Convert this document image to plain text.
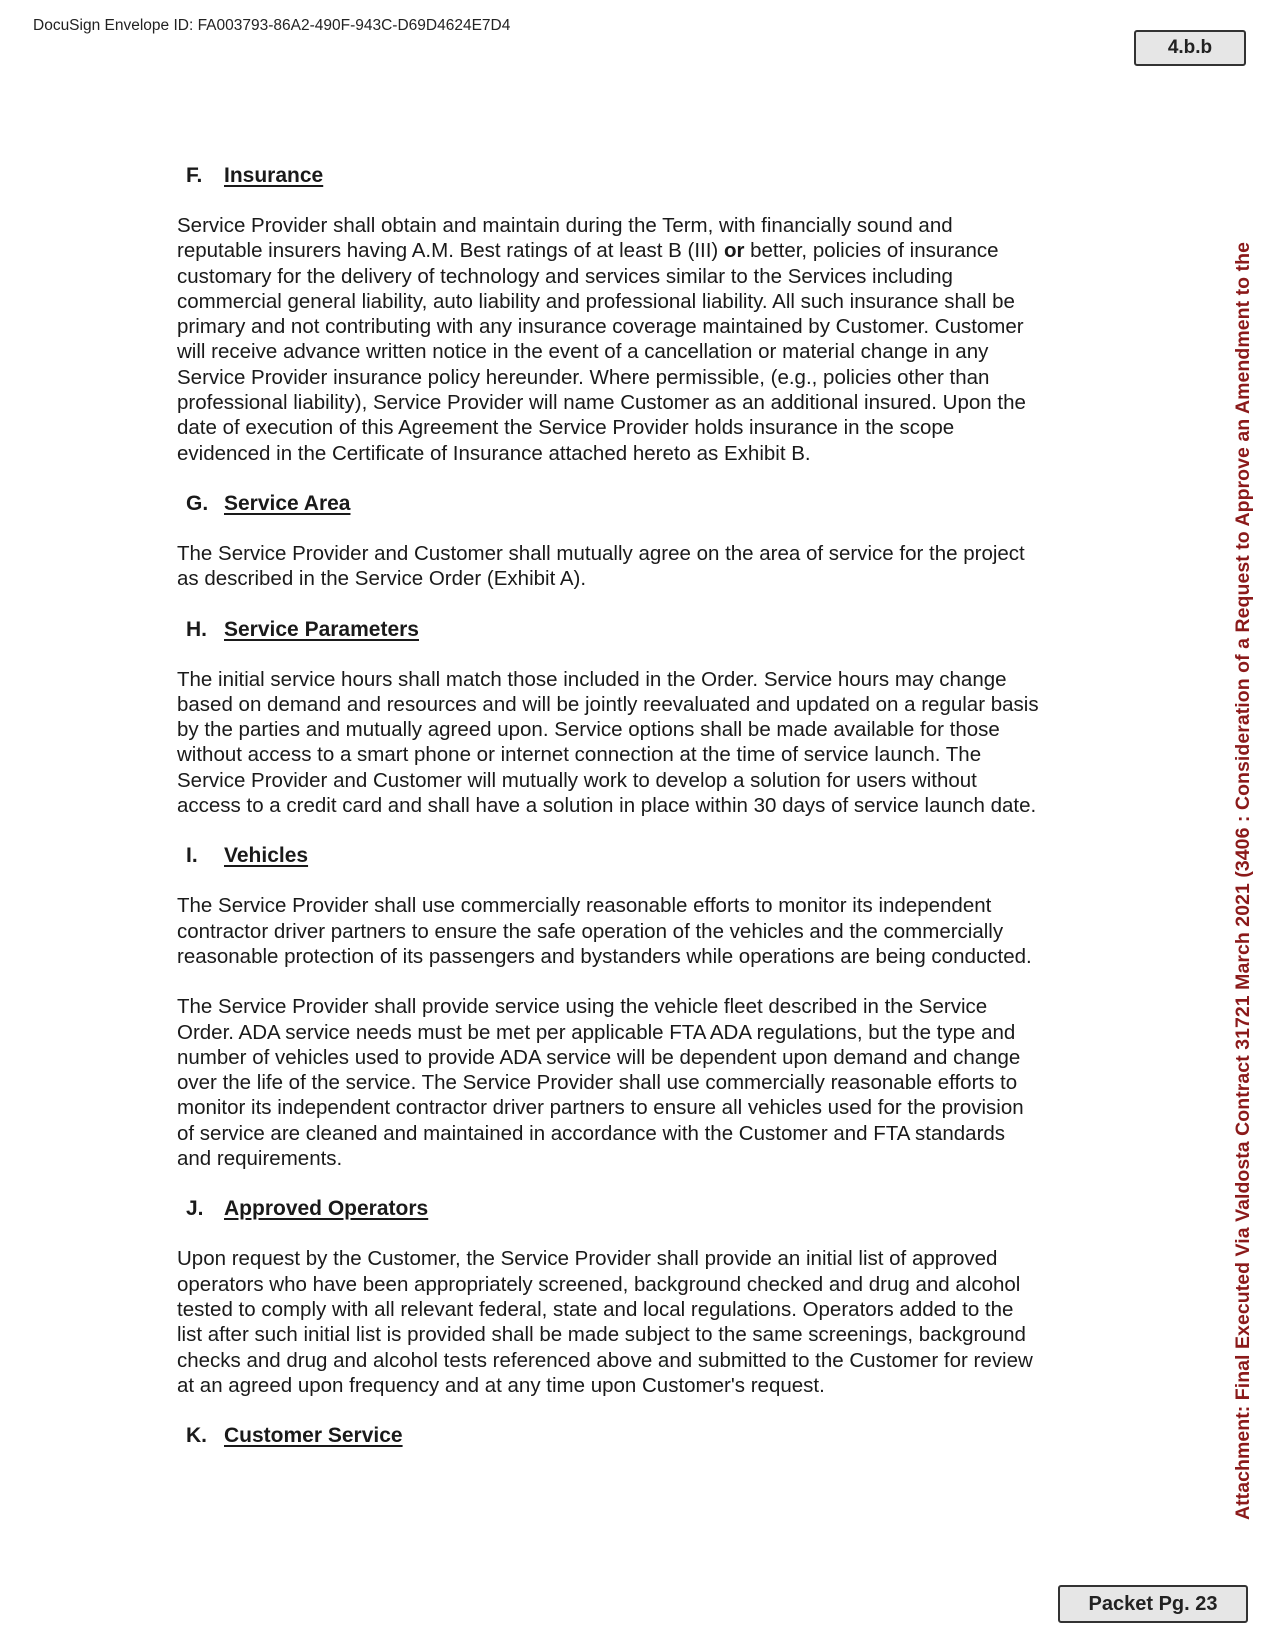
DocuSign Envelope ID: FA003793-86A2-490F-943C-D69D4624E7D4
4.b.b
Attachment: Final Executed Via Valdosta Contract 31721 March 2021 (3406 : Consideration of a Request to Approve an Amendment to the
Packet Pg. 23
F.	Insurance
Service Provider shall obtain and maintain during the Term, with financially sound and
reputable insurers having A.M. Best ratings of at least B (III) or better, policies of insurance
customary for the delivery of technology and services similar to the Services including
commercial general liability, auto liability and professional liability. All such insurance shall be
primary and not contributing with any insurance coverage maintained by Customer. Customer
will receive advance written notice in the event of a cancellation or material change in any
Service Provider insurance policy hereunder. Where permissible, (e.g., policies other than
professional liability), Service Provider will name Customer as an additional insured. Upon the
date of execution of this Agreement the Service Provider holds insurance in the scope
evidenced in the Certificate of Insurance attached hereto as Exhibit B.
G. Service Area
The Service Provider and Customer shall mutually agree on the area of service for the project
as described in the Service Order (Exhibit A).
H. Service Parameters
The initial service hours shall match those included in the Order. Service hours may change
based on demand and resources and will be jointly reevaluated and updated on a regular basis
by the parties and mutually agreed upon. Service options shall be made available for those
without access to a smart phone or internet connection at the time of service launch. The
Service Provider and Customer will mutually work to develop a solution for users without
access to a credit card and shall have a solution in place within 30 days of service launch date.
I.	Vehicles
The Service Provider shall use commercially reasonable efforts to monitor its independent
contractor driver partners to ensure the safe operation of the vehicles and the commercially
reasonable protection of its passengers and bystanders while operations are being conducted.
The Service Provider shall provide service using the vehicle fleet described in the Service
Order. ADA service needs must be met per applicable FTA ADA regulations, but the type and
number of vehicles used to provide ADA service will be dependent upon demand and change
over the life of the service. The Service Provider shall use commercially reasonable efforts to
monitor its independent contractor driver partners to ensure all vehicles used for the provision
of service are cleaned and maintained in accordance with the Customer and FTA standards
and requirements.
J. Approved Operators
Upon request by the Customer, the Service Provider shall provide an initial list of approved
operators who have been appropriately screened, background checked and drug and alcohol
tested to comply with all relevant federal, state and local regulations. Operators added to the
list after such initial list is provided shall be made subject to the same screenings, background
checks and drug and alcohol tests referenced above and submitted to the Customer for review
at an agreed upon frequency and at any time upon Customer's request.
K. Customer Service
